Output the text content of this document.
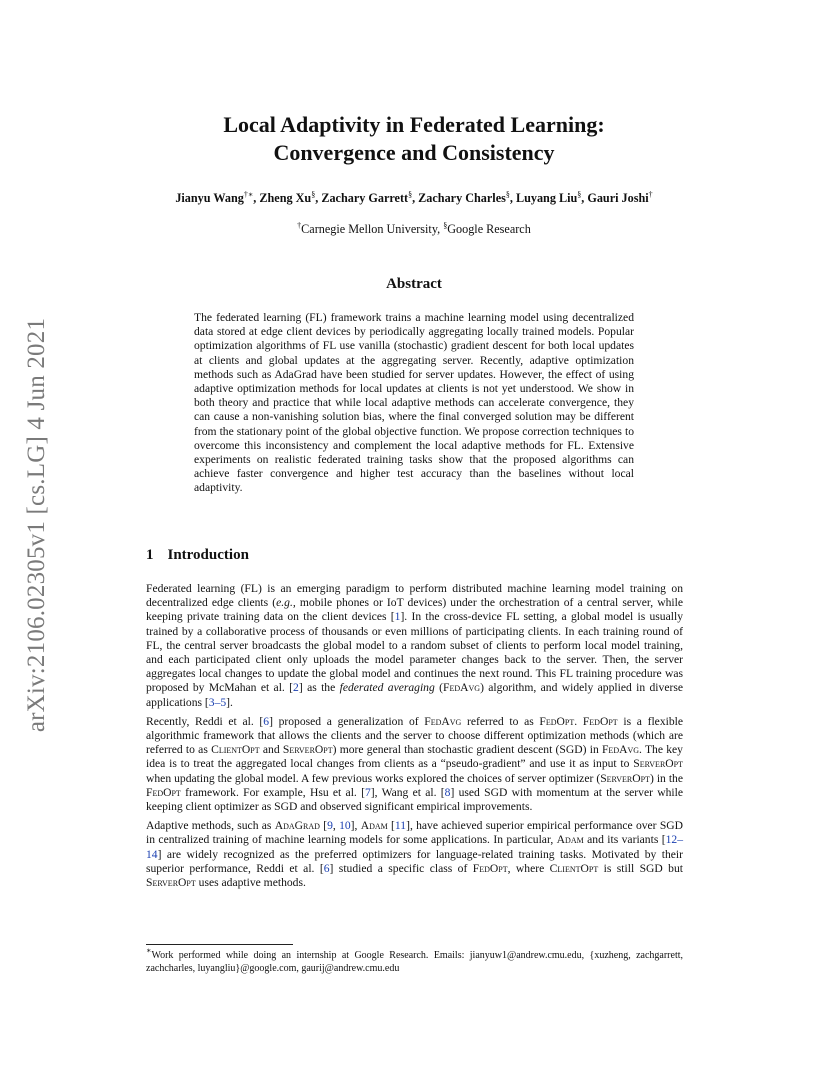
arXiv:2106.02305v1 [cs.LG] 4 Jun 2021
Local Adaptivity in Federated Learning:
Convergence and Consistency
Jianyu Wang†∗, Zheng Xu§, Zachary Garrett§, Zachary Charles§, Luyang Liu§, Gauri Joshi†
†Carnegie Mellon University, §Google Research
Abstract
The federated learning (FL) framework trains a machine learning model using decentralized data stored at edge client devices by periodically aggregating locally trained models. Popular optimization algorithms of FL use vanilla (stochastic) gradient descent for both local updates at clients and global updates at the aggregating server. Recently, adaptive optimization methods such as AdaGrad have been studied for server updates. However, the effect of using adaptive optimization methods for local updates at clients is not yet understood. We show in both theory and practice that while local adaptive methods can accelerate convergence, they can cause a non-vanishing solution bias, where the final converged solution may be different from the stationary point of the global objective function. We propose correction techniques to overcome this inconsistency and complement the local adaptive methods for FL. Extensive experiments on realistic federated training tasks show that the proposed algorithms can achieve faster convergence and higher test accuracy than the baselines without local adaptivity.
1 Introduction

Federated learning (FL) is an emerging paradigm to perform distributed machine learning model training on decentralized edge clients (e.g., mobile phones or IoT devices) under the orchestration of a central server, while keeping private training data on the client devices [1]. In the cross-device FL setting, a global model is usually trained by a collaborative process of thousands or even millions of participating clients. In each training round of FL, the central server broadcasts the global model to a random subset of clients to perform local model training, and each participated client only uploads the model parameter changes back to the server. Then, the server aggregates local changes to update the global model and continues the next round. This FL training procedure was proposed by McMahan et al. [2] as the federated averaging (FedAvg) algorithm, and widely applied in diverse applications [3–5].

Recently, Reddi et al. [6] proposed a generalization of FedAvg referred to as FedOpt. FedOpt is a flexible algorithmic framework that allows the clients and the server to choose different optimization methods (which are referred to as ClientOpt and ServerOpt) more general than stochastic gradient descent (SGD) in FedAvg. The key idea is to treat the aggregated local changes from clients as a “pseudo-gradient” and use it as input to ServerOpt when updating the global model. A few previous works explored the choices of server optimizer (ServerOpt) in the FedOpt framework. For example, Hsu et al. [7], Wang et al. [8] used SGD with momentum at the server while keeping client optimizer as SGD and observed significant empirical improvements.

Adaptive methods, such as AdaGrad [9, 10], Adam [11], have achieved superior empirical performance over SGD in centralized training of machine learning models for some applications. In particular, Adam and its variants [12–14] are widely recognized as the preferred optimizers for language-related training tasks. Motivated by their superior performance, Reddi et al. [6] studied a specific class of FedOpt, where ClientOpt is still SGD but ServerOpt uses adaptive methods.

∗Work performed while doing an internship at Google Research. Emails: jianyuw1@andrew.cmu.edu, {xuzheng, zachgarrett, zachcharles, luyangliu}@google.com, gaurij@andrew.cmu.edu
